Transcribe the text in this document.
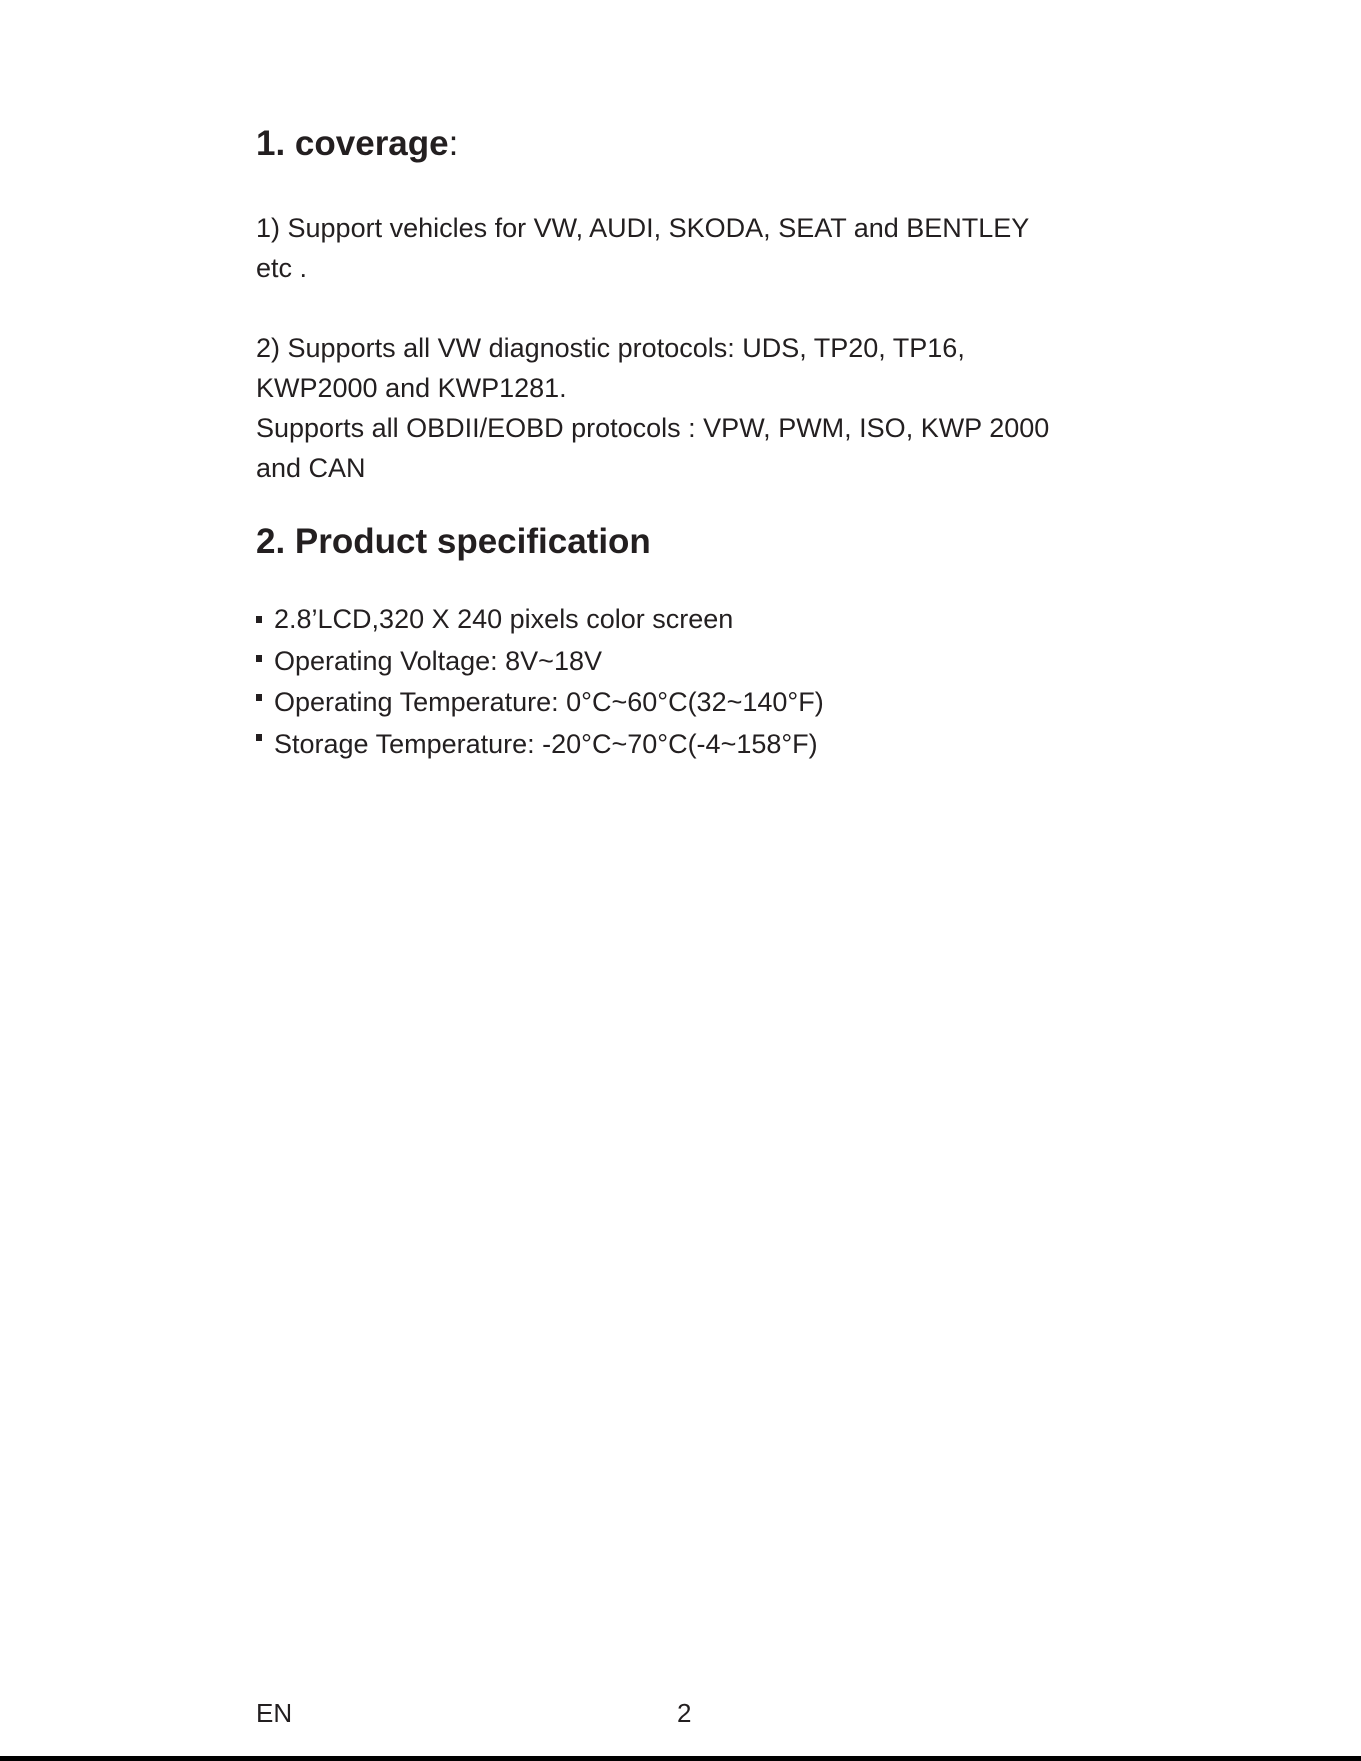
1. coverage:

1) Support vehicles for VW, AUDI, SKODA, SEAT and BENTLEY
etc .

2) Supports all VW diagnostic protocols: UDS, TP20, TP16,
KWP2000 and KWP1281.
Supports all OBDII/EOBD protocols : VPW, PWM, ISO, KWP 2000
and CAN

2. Product specification
2.8’LCD,320 X 240 pixels color screen
Operating Voltage: 8V~18V
Operating Temperature: 0°C~60°C(32~140°F)
Storage Temperature: -20°C~70°C(-4~158°F)
EN	2
